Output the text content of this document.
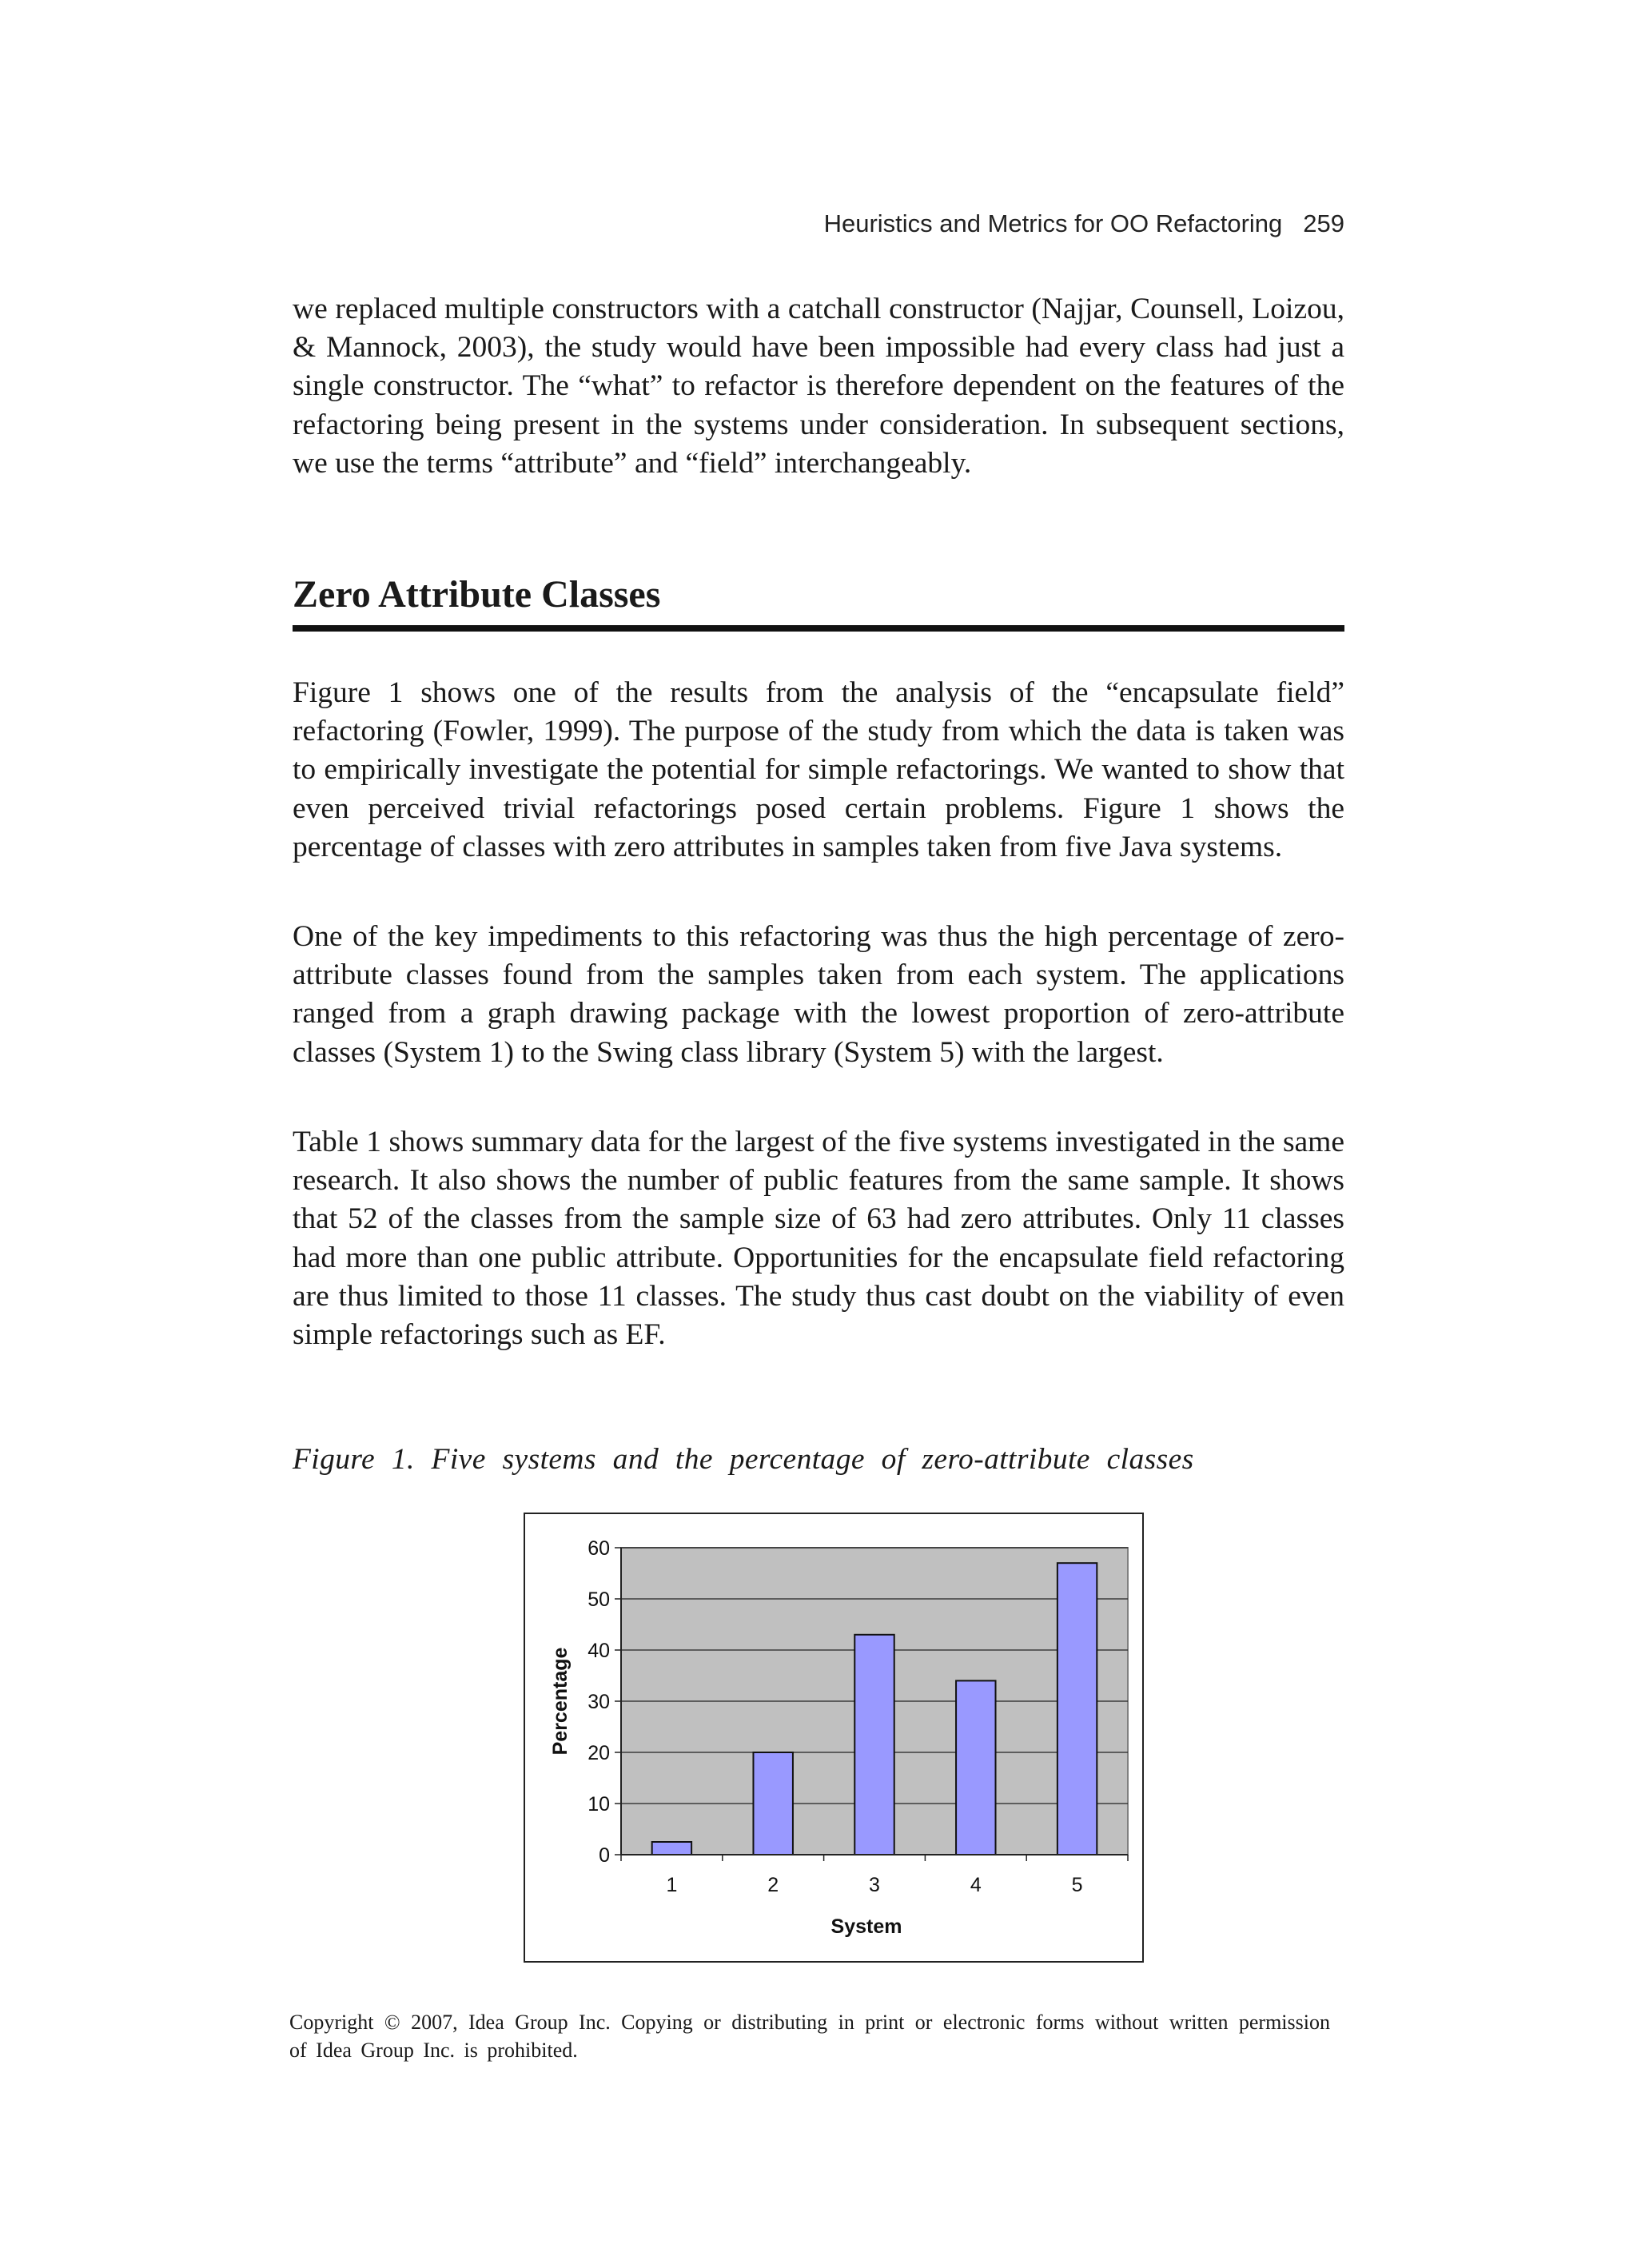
Heuristics and Metrics for OO Refactoring 259

we replaced multiple constructors with a catchall constructor (Najjar, Counsell, Loizou, & Mannock, 2003), the study would have been impossible had every class had just a single constructor. The “what” to refactor is therefore dependent on the features of the refactoring being present in the systems under consideration. In subsequent sections, we use the terms “attribute” and “field” interchangeably.

Zero Attribute Classes

Figure 1 shows one of the results from the analysis of the “encapsulate field” refactoring (Fowler, 1999). The purpose of the study from which the data is taken was to empirically investigate the potential for simple refactorings. We wanted to show that even perceived trivial refactorings posed certain problems. Figure 1 shows the percentage of classes with zero attributes in samples taken from five Java systems.

One of the key impediments to this refactoring was thus the high percentage of zero-attribute classes found from the samples taken from each system. The applications ranged from a graph drawing package with the lowest proportion of zero-attribute classes (System 1) to the Swing class library (System 5) with the largest.

Table 1 shows summary data for the largest of the five systems investigated in the same research. It also shows the number of public features from the same sample. It shows that 52 of the classes from the sample size of 63 had zero attributes. Only 11 classes had more than one public attribute. Opportunities for the encapsulate field refactoring are thus limited to those 11 classes. The study thus cast doubt on the viability of even simple refactorings such as EF.

Figure 1. Five systems and the percentage of zero-attribute classes

0
10
20
30
40
50
60
1	2	3	4	5
Percentage
System

Copyright © 2007, Idea Group Inc. Copying or distributing in print or electronic forms without written permission of Idea Group Inc. is prohibited.
